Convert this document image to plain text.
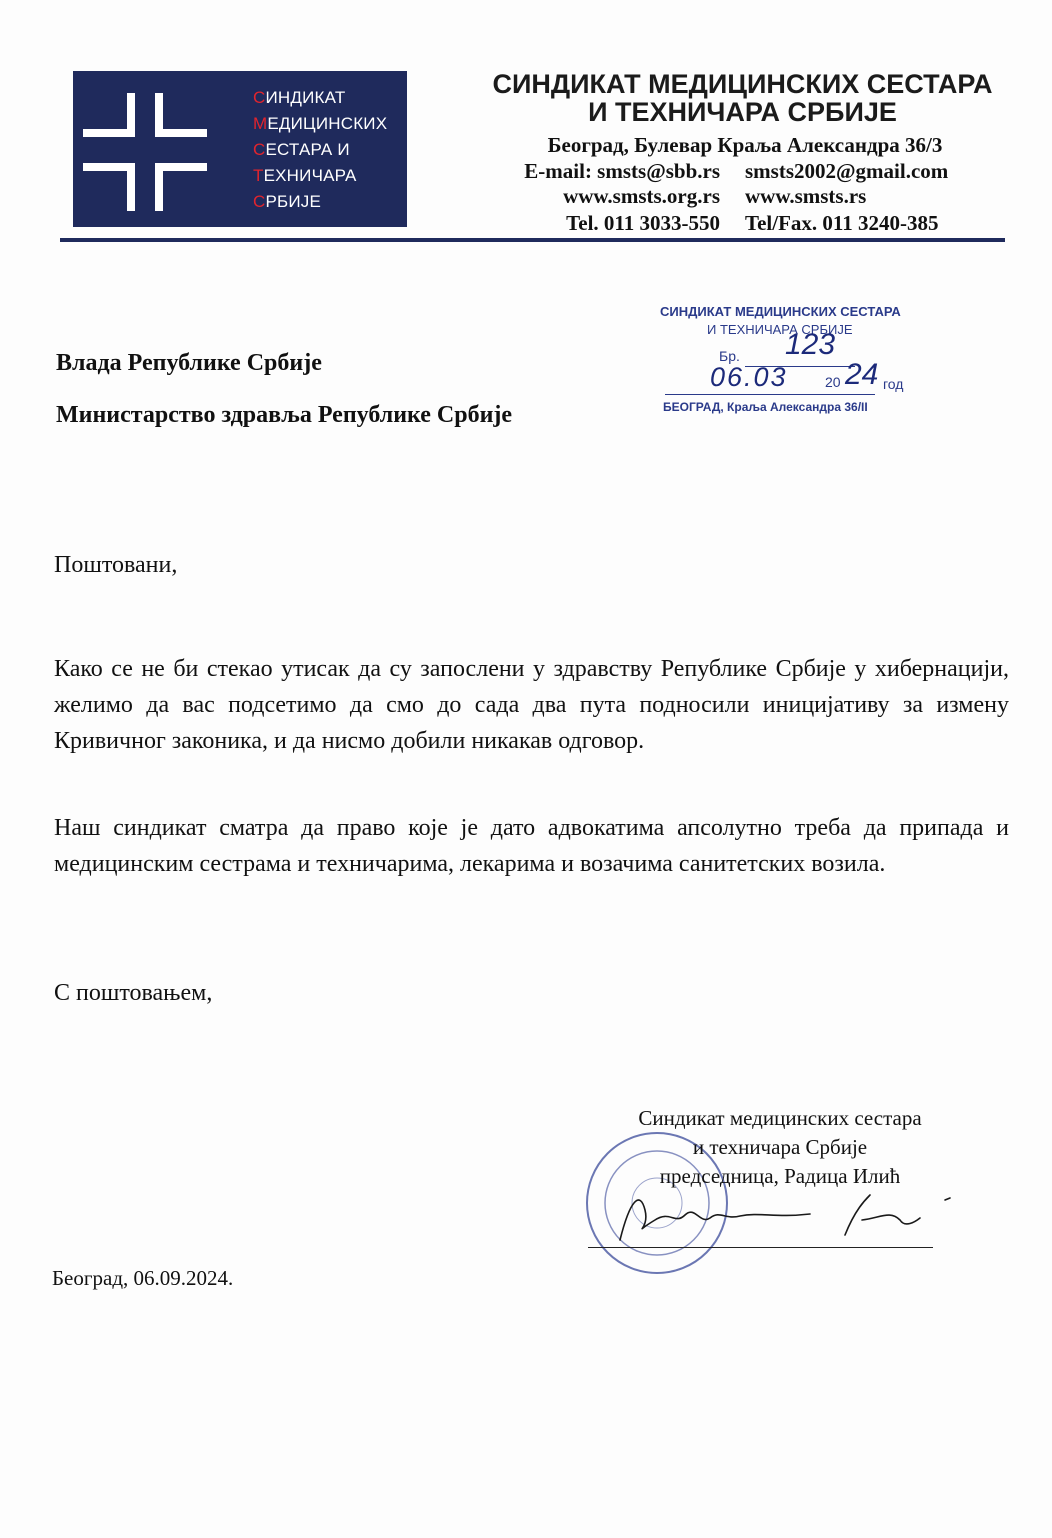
СИНДИКАТ
МЕДИЦИНСКИХ
СЕСТАРА И
ТЕХНИЧАРА
СРБИЈЕ
СИНДИКАТ МЕДИЦИНСКИХ СЕСТАРА
И ТЕХНИЧАРА СРБИЈЕ
Београд, Булевар Краља Александра 36/3
E-mail: smsts@sbb.rs smsts2002@gmail.com
www.smsts.org.rs www.smsts.rs
Tel. 011 3033-550 Tel/Fax. 011 3240-385
СИНДИКАТ МЕДИЦИНСКИХ СЕСТАРА
И ТЕХНИЧАРА СРБИЈЕ
Бр. 123
06.03	20 24 год
БЕОГРАД, Краља Александра 36/II
Влада Републике Србије
Министарство здравља Републике Србије
Поштовани,
Како се не би стекао утисак да су запослени у здравству Републике Србије у хибернацији, желимо да вас подсетимо да смо до сада два пута подносили иницијативу за измену Кривичног законика, и да нисмо добили никакав одговор.
Наш синдикат сматра да право које је дато адвокатима апсолутно треба да припада и медицинским сестрама и техничарима, лекарима и возачима санитетских возила.
С поштовањем,
Синдикат медицинских сестара
и техничара Србије
председница, Радица Илић
Београд, 06.09.2024.
